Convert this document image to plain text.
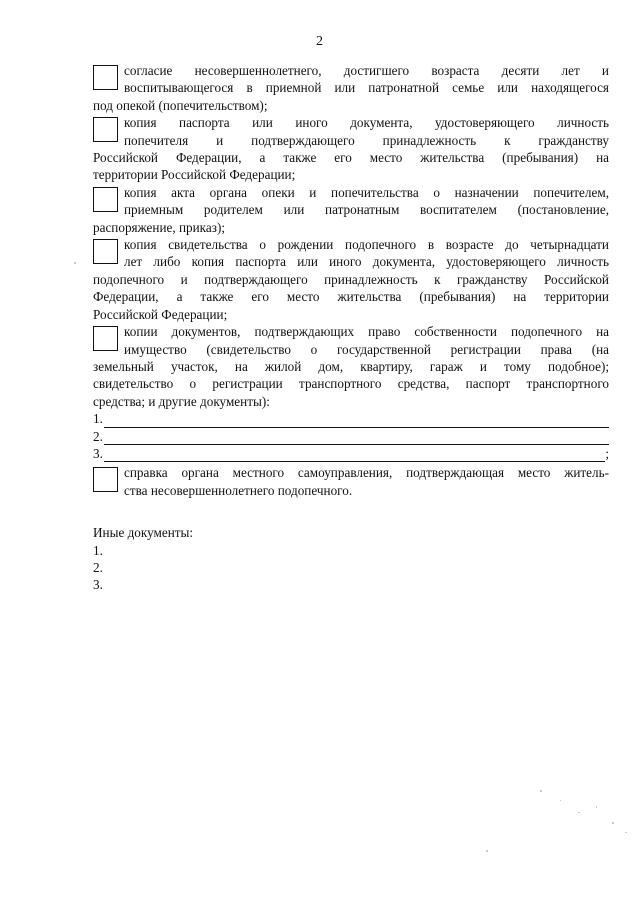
2
согласие несовершеннолетнего, достигшего возраста десяти лет и
воспитывающегося в приемной или патронатной семье или находящегося
под опекой (попечительством);
копия паспорта или иного документа, удостоверяющего личность
попечителя и подтверждающего принадлежность к гражданству
Российской Федерации, а также его место жительства (пребывания) на
территории Российской Федерации;
копия акта органа опеки и попечительства о назначении попечителем,
приемным родителем или патронатным воспитателем (постановление,
распоряжение, приказ);
копия свидетельства о рождении подопечного в возрасте до четырнадцати
лет либо копия паспорта или иного документа, удостоверяющего личность
подопечного и подтверждающего принадлежность к гражданству Российской
Федерации, а также его место жительства (пребывания) на территории
Российской Федерации;
копии документов, подтверждающих право собственности подопечного на
имущество (свидетельство о государственной регистрации права (на
земельный участок, на жилой дом, квартиру, гараж и тому подобное);
свидетельство о регистрации транспортного средства, паспорт транспортного
средства; и другие документы):
1.
2.
3.	;
справка органа местного самоуправления, подтверждающая место житель-
ства несовершеннолетнего подопечного.
Иные документы:
1.
2.
3.
